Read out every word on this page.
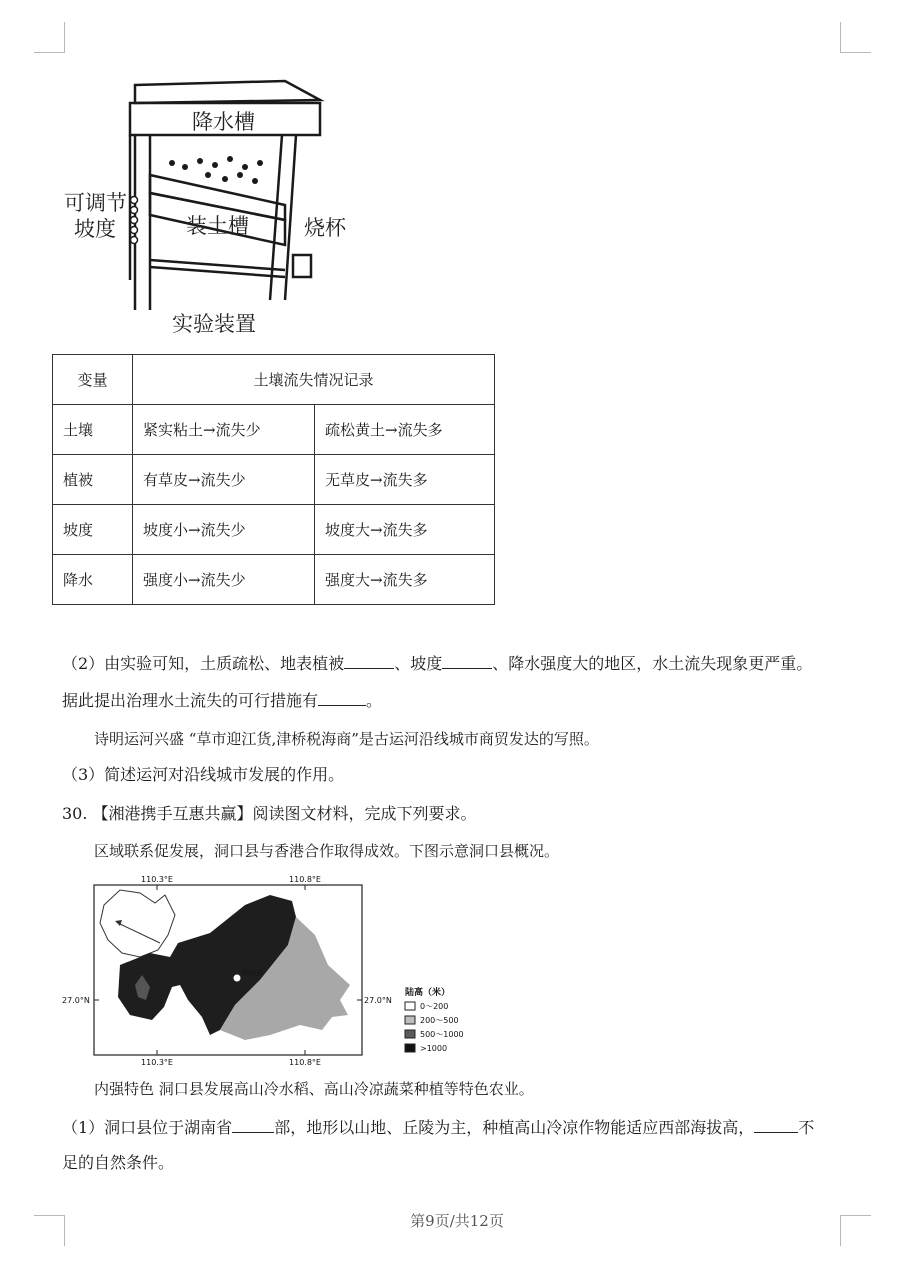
降水槽
可调节
坡度	装土槽	烧杯
实验装置
变量	土壤流失情况记录	
土壤	紧实粘土→流失少	疏松黄土→流失多
植被	有草皮→流失少	无草皮→流失多
坡度	坡度小→流失少	坡度大→流失多
降水	强度小→流失少	强度大→流失多
（2）由实验可知，土质疏松、地表植被	、坡度	、降水强度大的地区，水土流失现象更严重。
据此提出治理水土流失的可行措施有	。
诗明运河兴盛 “草市迎江货,津桥税海商”是古运河沿线城市商贸发达的写照。
（3）简述运河对沿线城市发展的作用。
30. 【湘港携手互惠共赢】阅读图文材料，完成下列要求。
区域联系促发展，洞口县与香港合作取得成效。下图示意洞口县概况。
110.3°E	110.8°E
110.3°E	110.8°E
27.0°N	27.0°N
洞口县
陆高（米）
0～200
200～500
500～1000
>1000
内强特色 洞口县发展高山冷水稻、高山冷凉蔬菜种植等特色农业。
（1）洞口县位于湖南省	部，地形以山地、丘陵为主，种植高山冷凉作物能适应西部海拔高，	不
足的自然条件。
第9页/共12页
